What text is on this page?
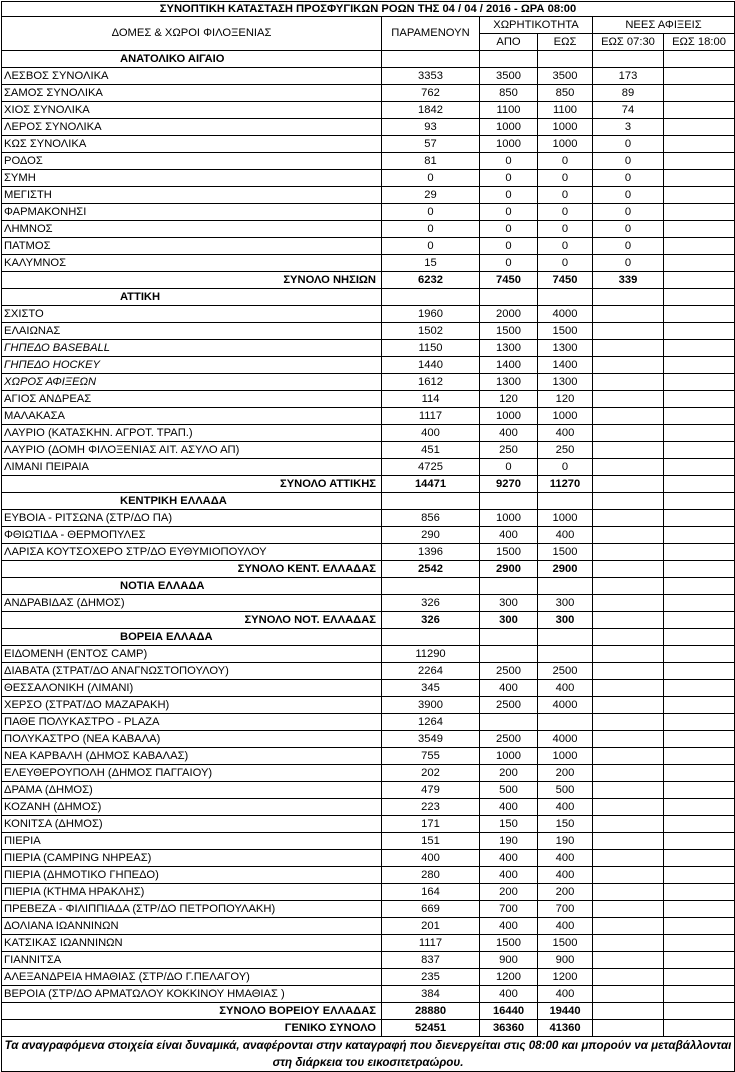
ΣΥΝΟΠΤΙΚΗ ΚΑΤΑΣΤΑΣΗ ΠΡΟΣΦΥΓΙΚΩΝ ΡΟΩΝ ΤΗΣ 04 / 04 / 2016 - ΩΡΑ 08:00					
ΔΟΜΕΣ & ΧΩΡΟΙ ΦΙΛΟΞΕΝΙΑΣ	ΠΑΡΑΜΕΝΟΥΝ	ΧΩΡΗΤΙΚΟΤΗΤΑ		ΝΕΕΣ ΑΦΙΞΕΙΣ	
		ΑΠΟ	ΕΩΣ	ΕΩΣ 07:30	ΕΩΣ 18:00
ΑΝΑΤΟΛΙΚΟ ΑΙΓΑΙΟ					
ΛΕΣΒΟΣ ΣΥΝΟΛΙΚΑ	3353	3500	3500	173	
ΣΑΜΟΣ ΣΥΝΟΛΙΚΑ	762	850	850	89	
ΧΙΟΣ ΣΥΝΟΛΙΚΑ	1842	1100	1100	74	
ΛΕΡΟΣ ΣΥΝΟΛΙΚΑ	93	1000	1000	3	
ΚΩΣ ΣΥΝΟΛΙΚΑ	57	1000	1000	0	
ΡΟΔΟΣ	81	0	0	0	
ΣΥΜΗ	0	0	0	0	
ΜΕΓΙΣΤΗ	29	0	0	0	
ΦΑΡΜΑΚΟΝΗΣΙ	0	0	0	0	
ΛΗΜΝΟΣ	0	0	0	0	
ΠΑΤΜΟΣ	0	0	0	0	
ΚΑΛΥΜΝΟΣ	15	0	0	0	
ΣΥΝΟΛΟ ΝΗΣΙΩΝ	6232	7450	7450	339	
ΑΤΤΙΚΗ					
ΣΧΙΣΤΟ	1960	2000	4000		
ΕΛΑΙΩΝΑΣ	1502	1500	1500		
ΓΗΠΕΔΟ BASEBALL	1150	1300	1300		
ΓΗΠΕΔΟ HOCKEY	1440	1400	1400		
ΧΩΡΟΣ ΑΦΙΞΕΩΝ	1612	1300	1300		
ΑΓΙΟΣ ΑΝΔΡΕΑΣ	114	120	120		
ΜΑΛΑΚΑΣΑ	1117	1000	1000		
ΛΑΥΡΙΟ (ΚΑΤΑΣΚΗΝ. ΑΓΡΟΤ. ΤΡΑΠ.)	400	400	400		
ΛΑΥΡΙΟ (ΔΟΜΗ ΦΙΛΟΞΕΝΙΑΣ ΑΙΤ. ΑΣΥΛΟ ΑΠ)	451	250	250		
ΛΙΜΑΝΙ ΠΕΙΡΑΙΑ	4725	0	0		
ΣΥΝΟΛΟ ΑΤΤΙΚΗΣ	14471	9270	11270		
ΚΕΝΤΡΙΚΗ ΕΛΛΑΔΑ					
ΕΥΒΟΙΑ - ΡΙΤΣΩΝΑ (ΣΤΡ/ΔΟ ΠΑ)	856	1000	1000		
ΦΘΙΩΤΙΔΑ - ΘΕΡΜΟΠΥΛΕΣ	290	400	400		
ΛΑΡΙΣΑ ΚΟΥΤΣΟΧΕΡΟ ΣΤΡ/ΔΟ ΕΥΘΥΜΙΟΠΟΥΛΟΥ	1396	1500	1500		
ΣΥΝΟΛΟ ΚΕΝΤ. ΕΛΛΑΔΑΣ	2542	2900	2900		
ΝΟΤΙΑ ΕΛΛΑΔΑ					
ΑΝΔΡΑΒΙΔΑΣ (ΔΗΜΟΣ)	326	300	300		
ΣΥΝΟΛΟ ΝΟΤ. ΕΛΛΑΔΑΣ	326	300	300		
ΒΟΡΕΙΑ ΕΛΛΑΔΑ					
ΕΙΔΟΜΕΝΗ (ΕΝΤΟΣ CAMP)	11290				
ΔΙΑΒΑΤΑ (ΣΤΡΑΤ/ΔΟ ΑΝΑΓΝΩΣΤΟΠΟΥΛΟΥ)	2264	2500	2500		
ΘΕΣΣΑΛΟΝΙΚΗ (ΛΙΜΑΝΙ)	345	400	400		
ΧΕΡΣΟ (ΣΤΡΑΤ/ΔΟ ΜΑΖΑΡΑΚΗ)	3900	2500	4000		
ΠΑΘΕ ΠΟΛΥΚΑΣΤΡΟ - PLAZA	1264				
ΠΟΛΥΚΑΣΤΡΟ (ΝΕΑ ΚΑΒΑΛΑ)	3549	2500	4000		
ΝΕΑ ΚΑΡΒΑΛΗ (ΔΗΜΟΣ ΚΑΒΑΛΑΣ)	755	1000	1000		
ΕΛΕΥΘΕΡΟΥΠΟΛΗ (ΔΗΜΟΣ ΠΑΓΓΑΙΟΥ)	202	200	200		
ΔΡΑΜΑ (ΔΗΜΟΣ)	479	500	500		
ΚΟΖΑΝΗ (ΔΗΜΟΣ)	223	400	400		
ΚΟΝΙΤΣΑ (ΔΗΜΟΣ)	171	150	150		
ΠΙΕΡΙΑ	151	190	190		
ΠΙΕΡΙΑ (CAMPING ΝΗΡΕΑΣ)	400	400	400		
ΠΙΕΡΙΑ (ΔΗΜΟΤΙΚΟ ΓΗΠΕΔΟ)	280	400	400		
ΠΙΕΡΙΑ (ΚΤΗΜΑ ΗΡΑΚΛΗΣ)	164	200	200		
ΠΡΕΒΕΖΑ - ΦΙΛΙΠΠΙΑΔΑ (ΣΤΡ/ΔΟ ΠΕΤΡΟΠΟΥΛΑΚΗ)	669	700	700		
ΔΟΛΙΑΝΑ ΙΩΑΝΝΙΝΩΝ	201	400	400		
ΚΑΤΣΙΚΑΣ ΙΩΑΝΝΙΝΩΝ	1117	1500	1500		
ΓΙΑΝΝΙΤΣΑ	837	900	900		
ΑΛΕΞΑΝΔΡΕΙΑ ΗΜΑΘΙΑΣ (ΣΤΡ/ΔΟ Γ.ΠΕΛΑΓΟΥ)	235	1200	1200		
ΒΕΡΟΙΑ (ΣΤΡ/ΔΟ ΑΡΜΑΤΩΛΟΥ ΚΟΚΚΙΝΟΥ ΗΜΑΘΙΑΣ )	384	400	400		
ΣΥΝΟΛΟ ΒΟΡΕΙΟΥ ΕΛΛΑΔΑΣ	28880	16440	19440		
ΓΕΝΙΚΟ ΣΥΝΟΛΟ	52451	36360	41360		
Τα αναγραφόμενα στοιχεία είναι δυναμικά, αναφέρονται στην καταγραφή που διενεργείται στις 08:00 και μπορούν να μεταβάλλονται στη διάρκεια του εικοσιτετραώρου.					
